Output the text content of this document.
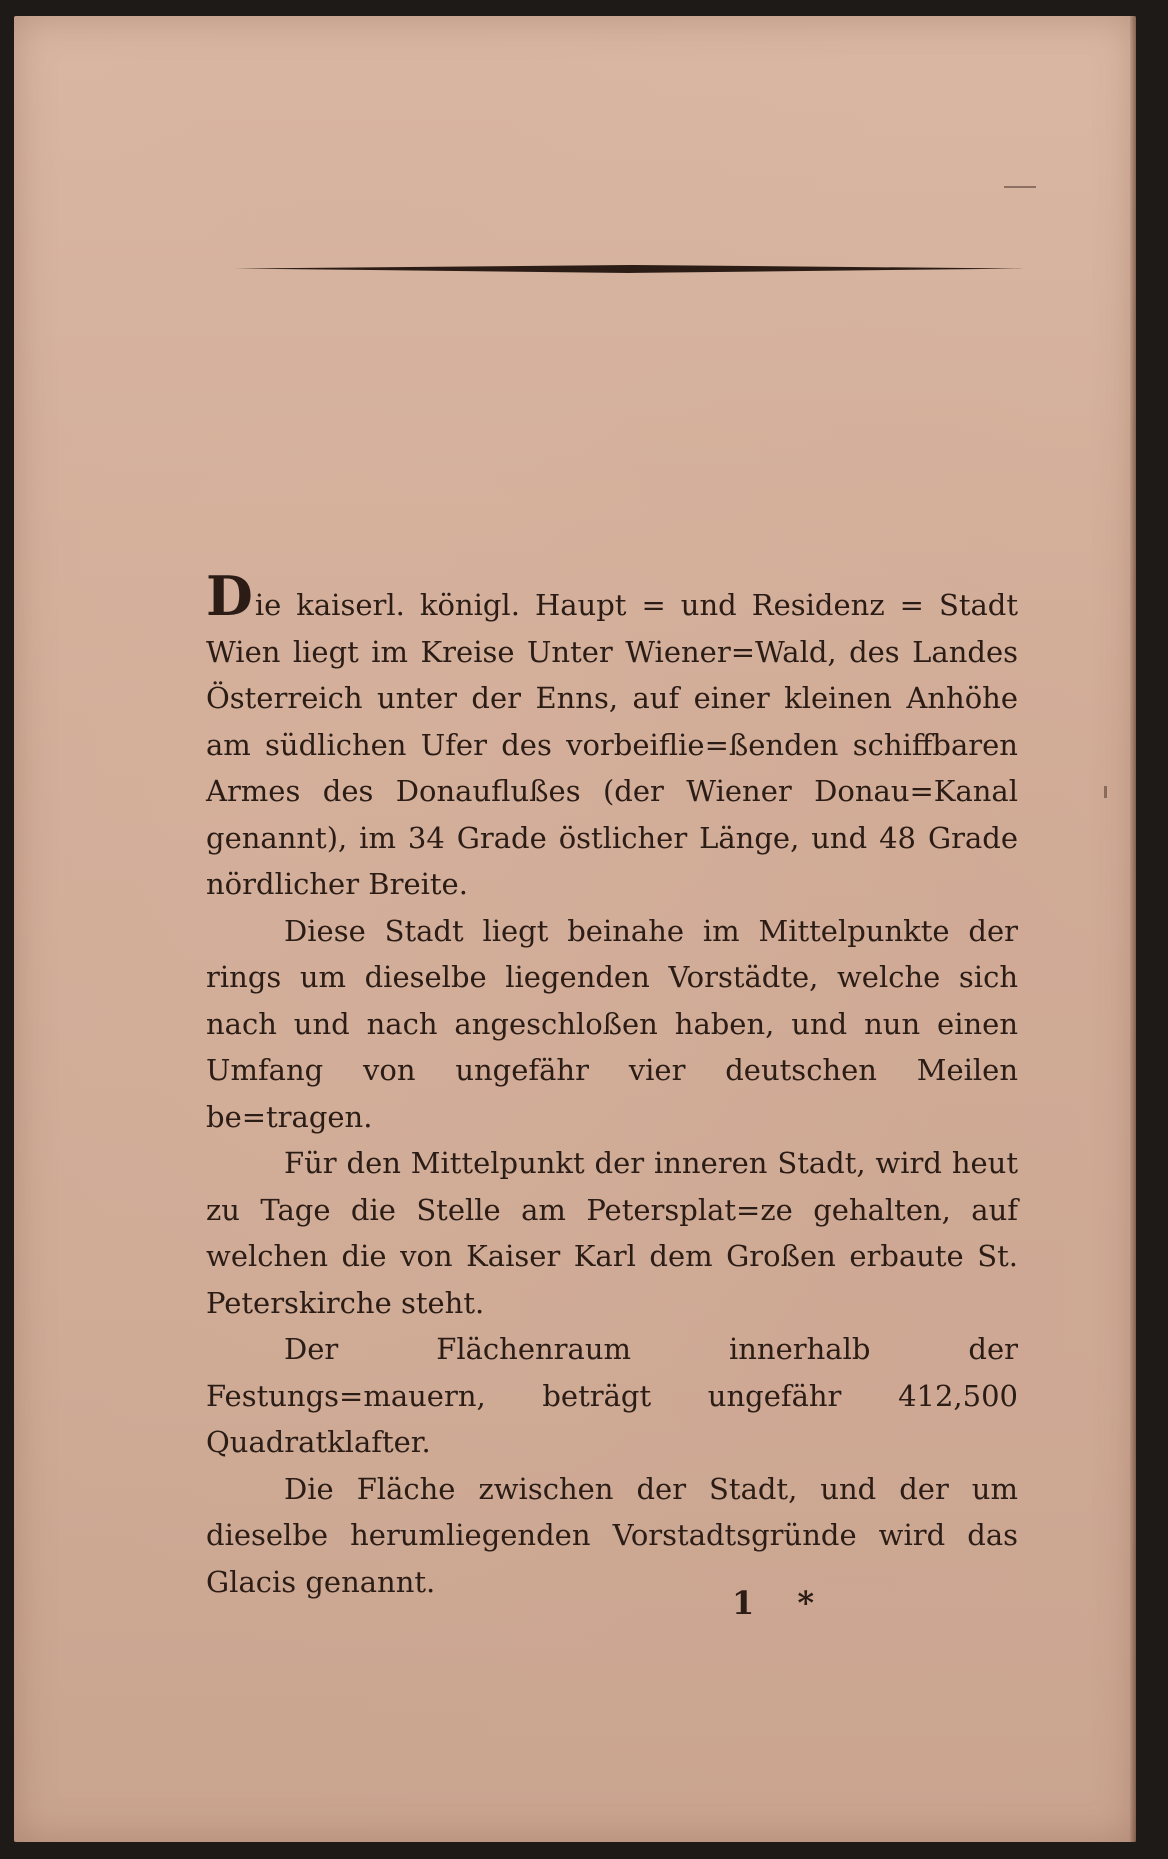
Die kaiserl. königl. Haupt = und Residenz = Stadt Wien liegt im Kreise Unter Wiener=Wald, des Landes Österreich unter der Enns, auf einer kleinen Anhöhe am südlichen Ufer des vorbeiflie=ßenden schiffbaren Armes des Donauflußes (der Wiener Donau=Kanal genannt), im 34 Grade östlicher Länge, und 48 Grade nördlicher Breite.

Diese Stadt liegt beinahe im Mittelpunkte der rings um dieselbe liegenden Vorstädte, welche sich nach und nach angeschloßen haben, und nun einen Umfang von ungefähr vier deutschen Meilen be=tragen.

Für den Mittelpunkt der inneren Stadt, wird heut zu Tage die Stelle am Petersplat=ze gehalten, auf welchen die von Kaiser Karl dem Großen erbaute St. Peterskirche steht.

Der Flächenraum innerhalb der Festungs=mauern, beträgt ungefähr 412,500 Quadratklafter.

Die Fläche zwischen der Stadt, und der um dieselbe herumliegenden Vorstadtsgründe wird das Glacis genannt.

1 *
